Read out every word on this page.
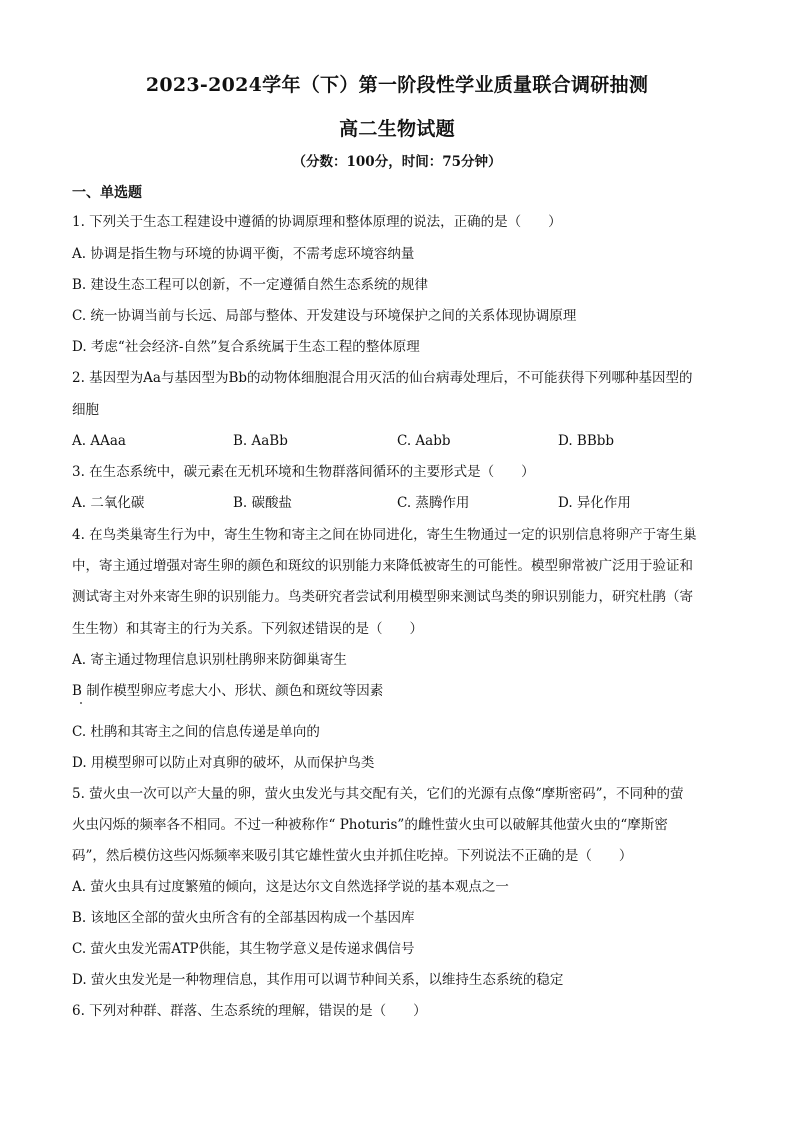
2023-2024学年（下）第一阶段性学业质量联合调研抽测
高二生物试题
（分数：100分，时间：75分钟）
一、单选题
1. 下列关于生态工程建设中遵循的协调原理和整体原理的说法，正确的是（　　）
A. 协调是指生物与环境的协调平衡，不需考虑环境容纳量
B. 建设生态工程可以创新，不一定遵循自然生态系统的规律
C. 统一协调当前与长远、局部与整体、开发建设与环境保护之间的关系体现协调原理
D. 考虑“社会经济-自然”复合系统属于生态工程的整体原理
2. 基因型为Aa与基因型为Bb的动物体细胞混合用灭活的仙台病毒处理后，不可能获得下列哪种基因型的
细胞
A. AAaa	B. AaBb	C. Aabb	D. BBbb
3. 在生态系统中，碳元素在无机环境和生物群落间循环的主要形式是（　　）
A. 二氧化碳	B. 碳酸盐	C. 蒸腾作用	D. 异化作用
4. 在鸟类巢寄生行为中，寄生生物和寄主之间在协同进化，寄生生物通过一定的识别信息将卵产于寄生巢
中，寄主通过增强对寄生卵的颜色和斑纹的识别能力来降低被寄生的可能性。模型卵常被广泛用于验证和
测试寄主对外来寄生卵的识别能力。鸟类研究者尝试利用模型卵来测试鸟类的卵识别能力，研究杜鹃（寄
生生物）和其寄主的行为关系。下列叙述错误的是（　　）
A. 寄主通过物理信息识别杜鹃卵来防御巢寄生
B 制作模型卵应考虑大小、形状、颜色和斑纹等因素
C. 杜鹃和其寄主之间的信息传递是单向的
D. 用模型卵可以防止对真卵的破坏，从而保护鸟类
5. 萤火虫一次可以产大量的卵，萤火虫发光与其交配有关，它们的光源有点像“摩斯密码”，不同种的萤
火虫闪烁的频率各不相同。不过一种被称作“ Photuris”的雌性萤火虫可以破解其他萤火虫的“摩斯密
码”，然后模仿这些闪烁频率来吸引其它雄性萤火虫并抓住吃掉。下列说法不正确的是（　　）
A. 萤火虫具有过度繁殖的倾向，这是达尔文自然选择学说的基本观点之一
B. 该地区全部的萤火虫所含有的全部基因构成一个基因库
C. 萤火虫发光需ATP供能，其生物学意义是传递求偶信号
D. 萤火虫发光是一种物理信息，其作用可以调节种间关系，以维持生态系统的稳定
6. 下列对种群、群落、生态系统的理解，错误的是（　　）
